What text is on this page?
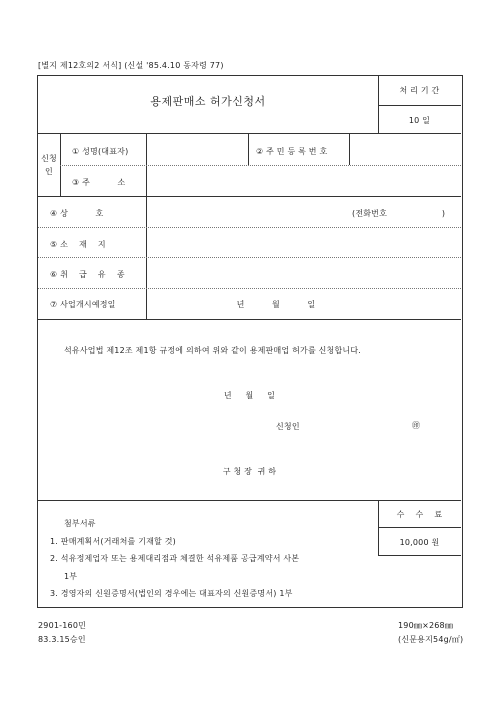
[별지 제12호의2 서식] (신설 '85.4.10 동자령 77)
용제판매소 허가신청서
처 리 기 간
10 일
신청
인
① 성명(대표자)	② 주 민 등 록 번 호
③ 주          소
④ 상          호	(전화번호                    )
⑤ 소    재    지
⑥ 취    급    유    종
⑦ 사업개시예정일	년          월          일
석유사업법 제12조 제1항 규정에 의하여 위와 같이 용제판매업 허가를 신청합니다.
년     월     일
신청인	㊞
구 청 장  귀 하
첨부서류
1. 판매계획서(거래처를 기재할 것)
2. 석유정제업자 또는 용제대리점과 체결한 석유제품 공급계약서 사본
1부
3. 경영자의 신원증명서(법인의 경우에는 대표자의 신원증명서) 1부
수    수    료
10,000 원
2901-160민
83.3.15승인
190㎜×268㎜
(신문용지54g/㎡)
